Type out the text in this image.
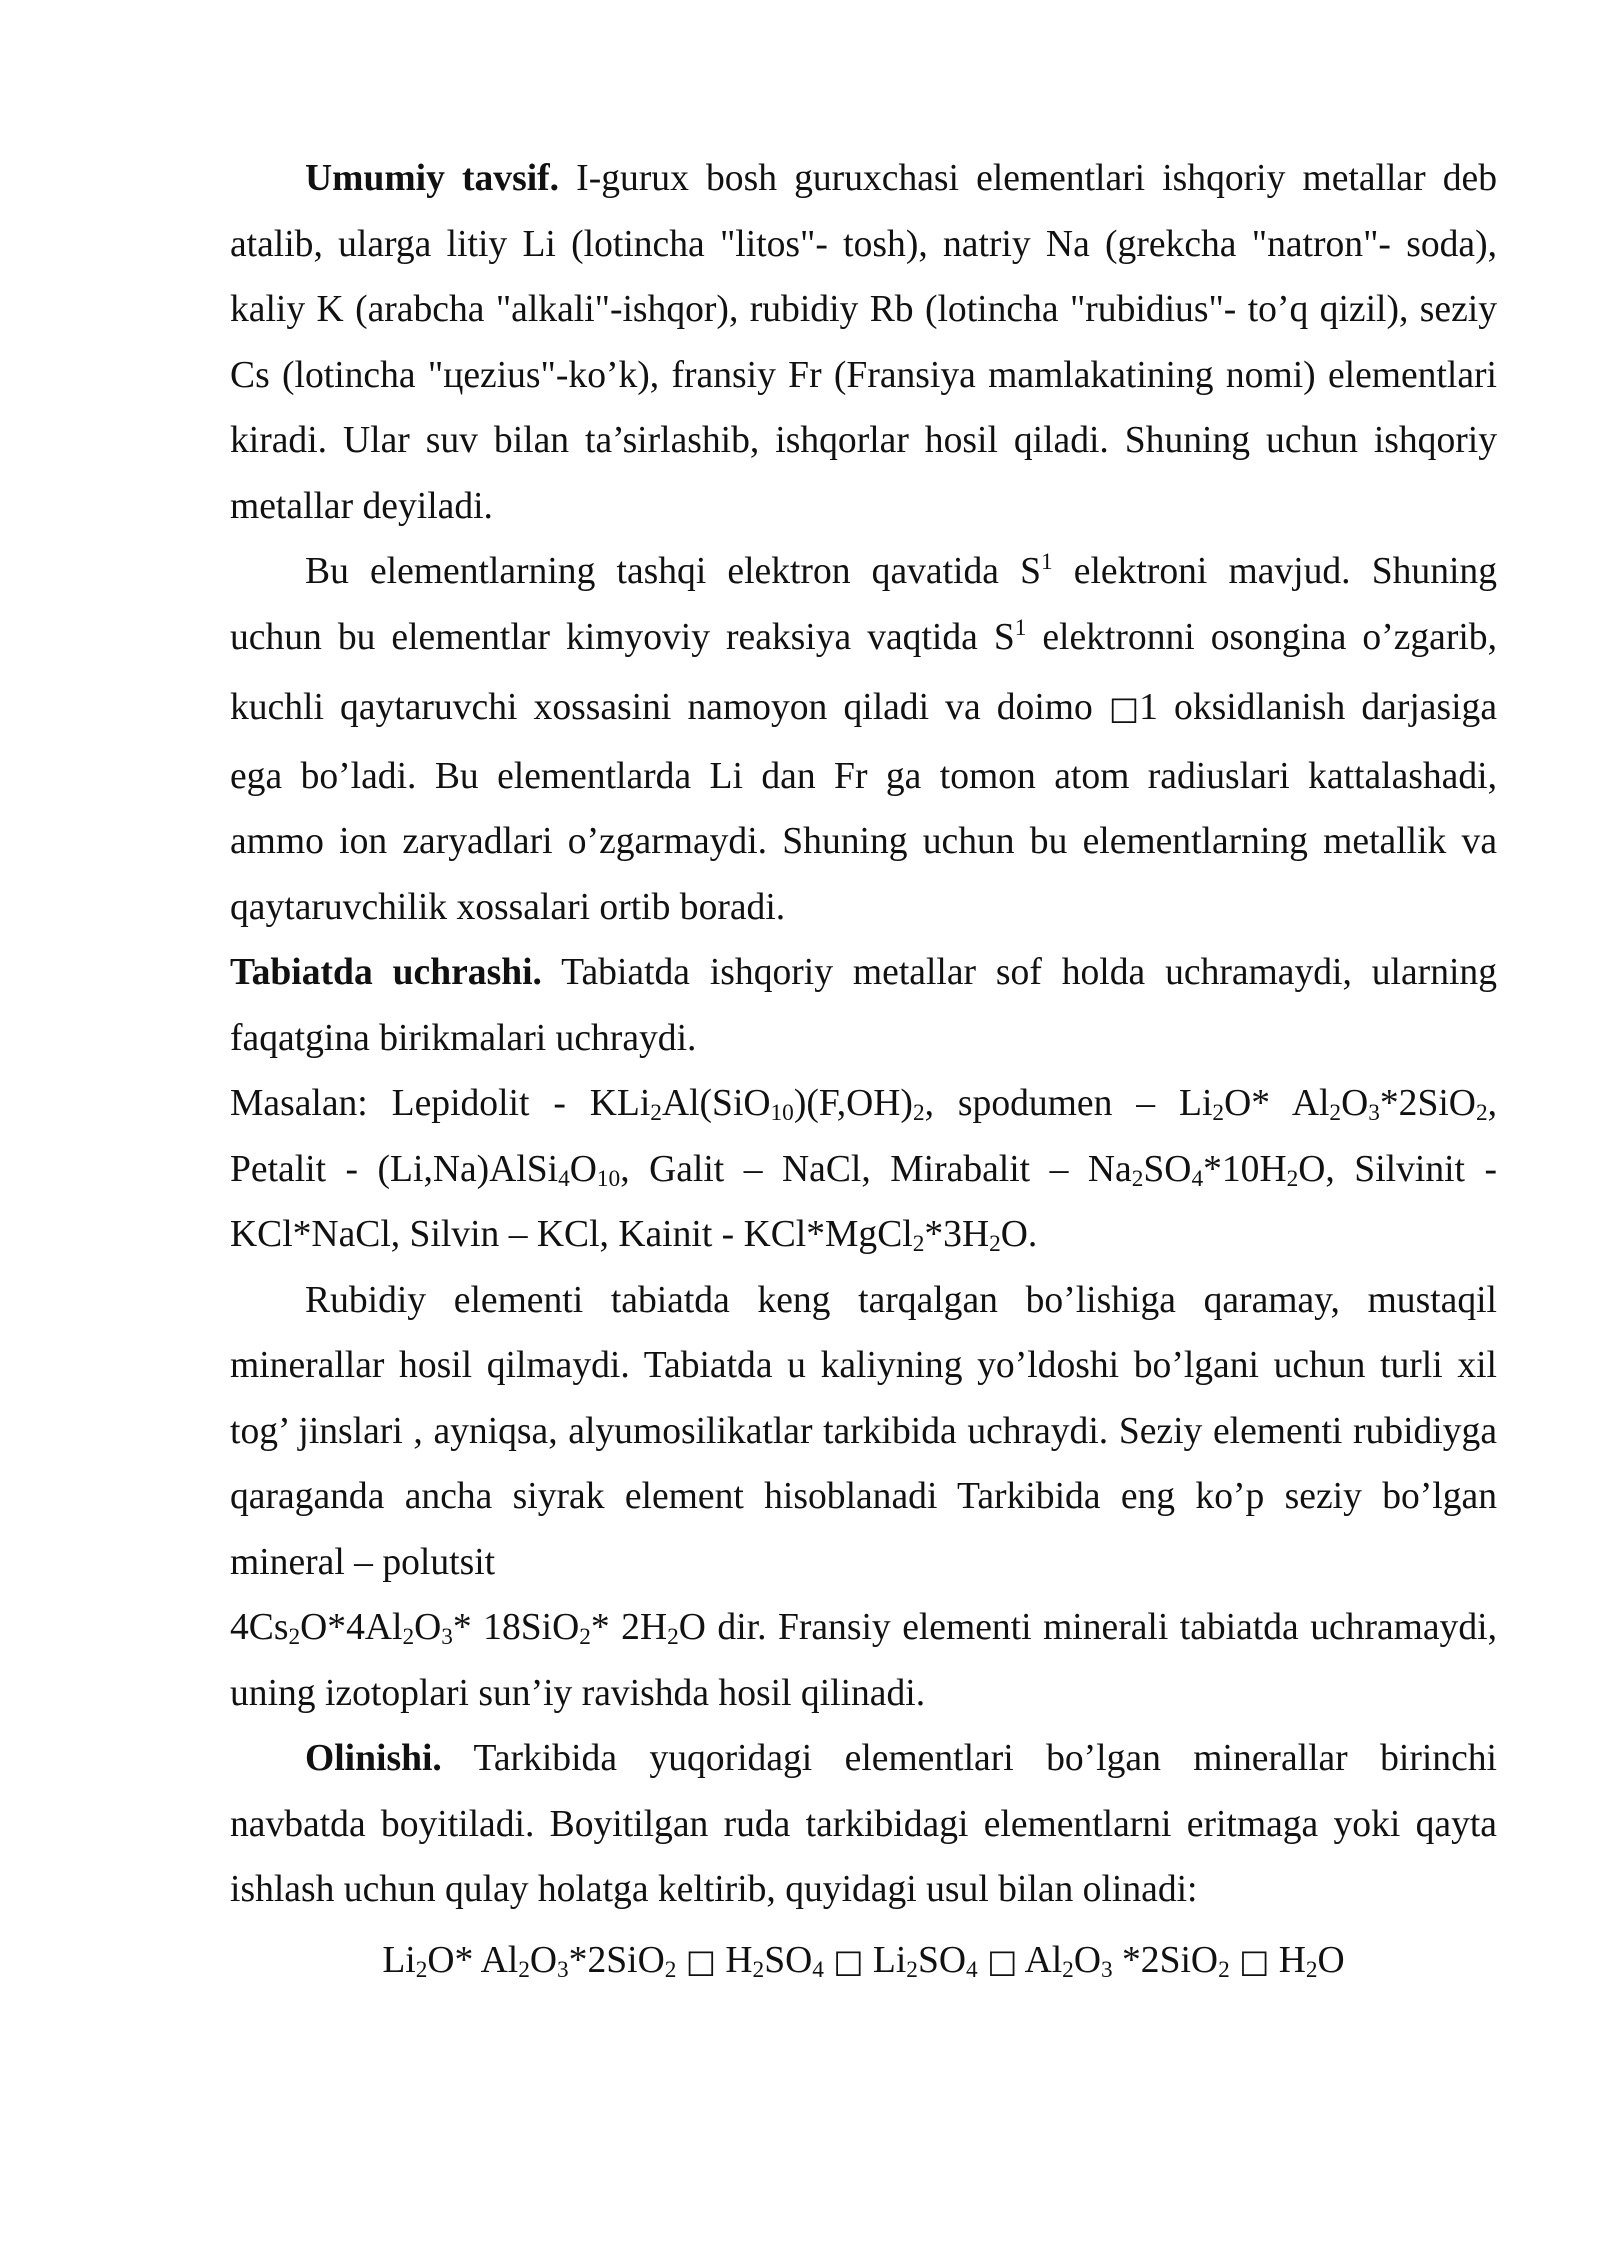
Umumiy tavsif. I-gurux bosh guruxchasi elementlari ishqoriy metallar deb atalib, ularga litiy Li (lotincha "litos"- tosh), natriy Na (grekcha "natron"- soda), kaliy K (arabcha "alkali"-ishqor), rubidiy Rb (lotincha "rubidius"- to’q qizil), seziy Cs (lotincha "цezius"-ko’k), fransiy Fr (Fransiya mamlakatining nomi) elementlari kiradi. Ular suv bilan ta’sirlashib, ishqorlar hosil qiladi. Shuning uchun ishqoriy metallar deyiladi.

Bu elementlarning tashqi elektron qavatida $S^1$ elektroni mavjud. Shuning uchun bu elementlar kimyoviy reaksiya vaqtida $S^1$ elektronni osongina o’zgarib, kuchli qaytaruvchi xossasini namoyon qiladi va doimo □1 oksidlanish darjasiga ega bo’ladi. Bu elementlarda Li dan Fr ga tomon atom radiuslari kattalashadi, ammo ion zaryadlari o’zgarmaydi. Shuning uchun bu elementlarning metallik va qaytaruvchilik xossalari ortib boradi.

Tabiatda uchrashi. Tabiatda ishqoriy metallar sof holda uchramaydi, ularning faqatgina birikmalari uchraydi.

Masalan: Lepidolit - $KLi_2Al(SiO_{10})(F,OH)_2$, spodumen – $Li_2O*$ $Al_2O_3*2SiO_2$, Petalit - $(Li,Na)AlSi_4O_{10}$, Galit – NaCl, Mirabalit – $Na_2SO_4*10H_2O$, Silvinit - KCl*NaCl, Silvin – KCl, Kainit - $KCl*MgCl_2*3H_2O$.

Rubidiy elementi tabiatda keng tarqalgan bo’lishiga qaramay, mustaqil minerallar hosil qilmaydi. Tabiatda u kaliyning yo’ldoshi bo’lgani uchun turli xil tog’ jinslari , ayniqsa, alyumosilikatlar tarkibida uchraydi. Seziy elementi rubidiyga qaraganda ancha siyrak element hisoblanadi Tarkibida eng ko’p seziy bo’lgan mineral – polutsit

$4Cs_2O*4Al_2O_3*$ 18SiO$_2$* $2H_2O$ dir. Fransiy elementi minerali tabiatda uchramaydi, uning izotoplari sun’iy ravishda hosil qilinadi.

Olinishi. Tarkibida yuqoridagi elementlari bo’lgan minerallar birinchi navbatda boyitiladi. Boyitilgan ruda tarkibidagi elementlarni eritmaga yoki qayta ishlash uchun qulay holatga keltirib, quyidagi usul bilan olinadi:

$Li_2O*$ $Al_2O_3*2SiO_2$ □ $H_2SO_4$ □ $Li_2SO_4$ □ $Al_2O_3$ *2SiO$_2$ □ $H_2O$
